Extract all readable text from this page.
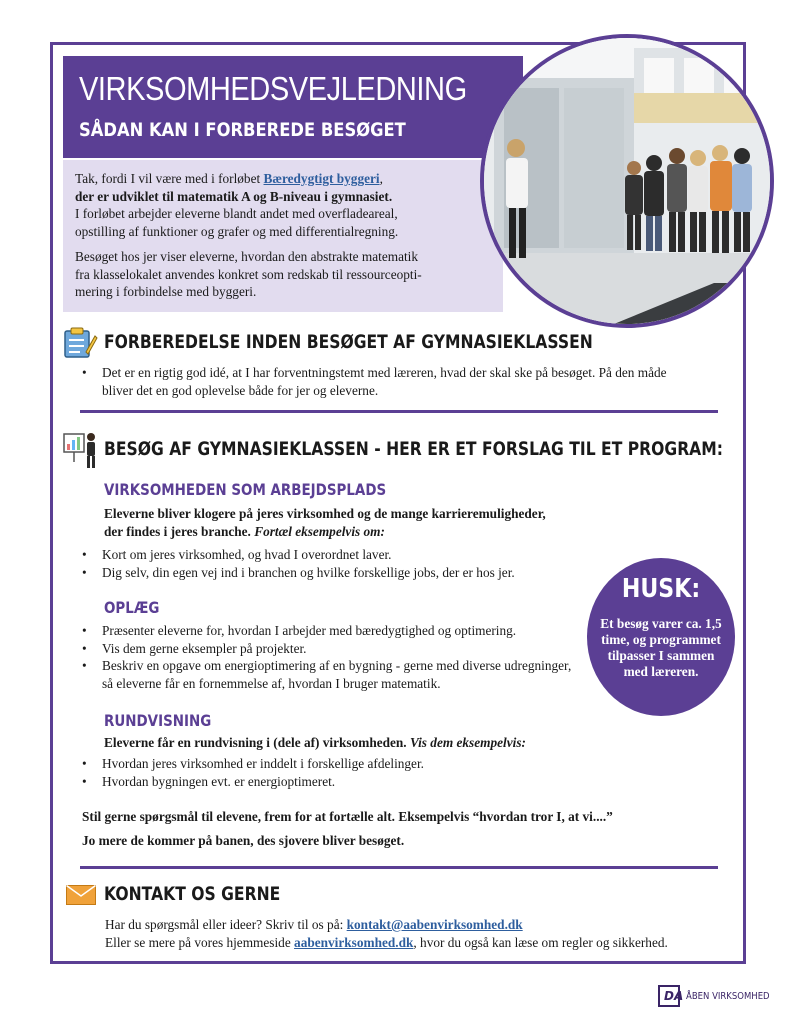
VIRKSOMHEDSVEJLEDNING
SÅDAN KAN I FORBEREDE BESØGET

Tak, fordi I vil være med i forløbet Bæredygtigt byggeri,
der er udviklet til matematik A og B-niveau i gymnasiet.
I forløbet arbejder eleverne blandt andet med overfladeareal,
opstilling af funktioner og grafer og med differentialregning.

Besøget hos jer viser eleverne, hvordan den abstrakte matematik
fra klasselokalet anvendes konkret som redskab til ressourceopti-
mering i forbindelse med byggeri.

FORBEREDELSE INDEN BESØGET AF GYMNASIEKLASSEN
• Det er en rigtig god idé, at I har forventningstemt med læreren, hvad der skal ske på besøget. På den måde
bliver det en god oplevelse både for jer og eleverne.
BESØG AF GYMNASIEKLASSEN - HER ER ET FORSLAG TIL ET PROGRAM:
VIRKSOMHEDEN SOM ARBEJDSPLADS
Eleverne bliver klogere på jeres virksomhed og de mange karrieremuligheder,
der findes i jeres branche. Fortæl eksempelvis om:
• Kort om jeres virksomhed, og hvad I overordnet laver.
• Dig selv, din egen vej ind i branchen og hvilke forskellige jobs, der er hos jer.
OPLÆG
• Præsenter eleverne for, hvordan I arbejder med bæredygtighed og optimering.
• Vis dem gerne eksempler på projekter.
• Beskriv en opgave om energioptimering af en bygning - gerne med diverse udregninger, så eleverne får en fornemmelse af, hvordan I bruger matematik.
HUSK:
Et besøg varer ca. 1,5 time, og programmet tilpasser I sammen med læreren.
RUNDVISNING
Eleverne får en rundvisning i (dele af) virksomheden. Vis dem eksempelvis:
• Hvordan jeres virksomhed er inddelt i forskellige afdelinger.
• Hvordan bygningen evt. er energioptimeret.
Stil gerne spørgsmål til elevene, frem for at fortælle alt. Eksempelvis “hvordan tror I, at vi....”
Jo mere de kommer på banen, des sjovere bliver besøget.
KONTAKT OS GERNE
Har du spørgsmål eller ideer? Skriv til os på: kontakt@aabenvirksomhed.dk
Eller se mere på vores hjemmeside aabenvirksomhed.dk, hvor du også kan læse om regler og sikkerhed.
DA ÅBEN VIRKSOMHED
